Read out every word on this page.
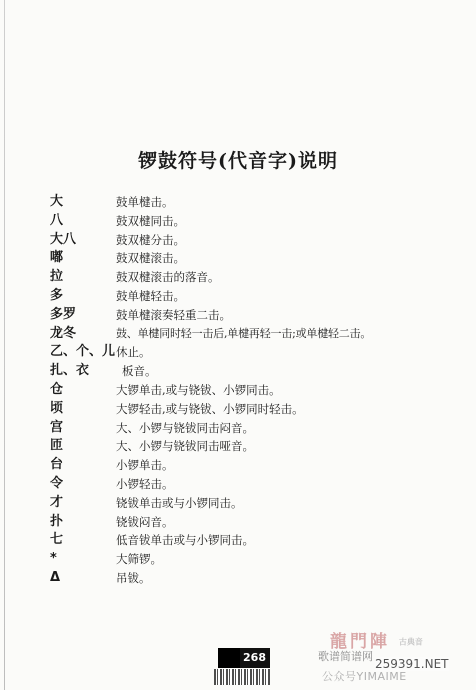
锣鼓符号(代音字)说明
大	鼓单楗击。
八	鼓双楗同击。
大八	鼓双楗分击。
嘟	鼓双楗滚击。
拉	鼓双楗滚击的落音。
多	鼓单楗轻击。
多罗	鼓单楗滚奏轻重二击。
龙冬	鼓、单楗同时轻一击后,单楗再轻一击;或单楗轻二击。
乙、个、儿 休止。
扎、衣	板音。
仓	大锣单击,或与铙钹、小锣同击。
顷	大锣轻击,或与铙钹、小锣同时轻击。
宫	大、小锣与铙钹同击闷音。
匝	大、小锣与铙钹同击哑音。
台	小锣单击。
令	小锣轻击。
才	铙钹单击或与小锣同击。
扑	铙钹闷音。
七	低音钹单击或与小锣同击。
*	大筛锣。
Δ	吊钹。
龍門陣 古典音
歌谱简谱网
259391.NET
公众号YIMAIME
268
